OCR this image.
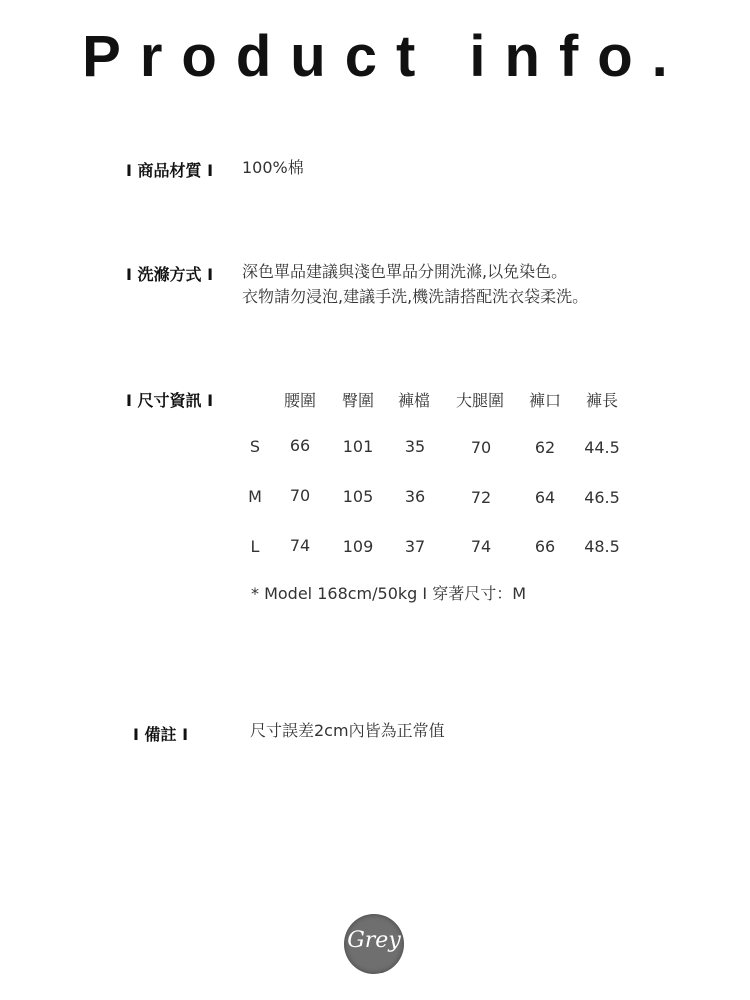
Product info.
I 商品材質 I 100%棉
I 洗滌方式 I 深色單品建議與淺色單品分開洗滌,以免染色。
衣物請勿浸泡,建議手洗,機洗請搭配洗衣袋柔洗。
I 尺寸資訊 I	腰圍	臀圍	褲檔	大腿圍	褲口	褲長
S	66	101	35	70	62	44.5
M	70	105	36	72	64	46.5
L	74	109	37	74	66	48.5
* Model 168cm/50kg I 穿著尺寸：M
I 備註 I	尺寸誤差2cm內皆為正常值
Grey
